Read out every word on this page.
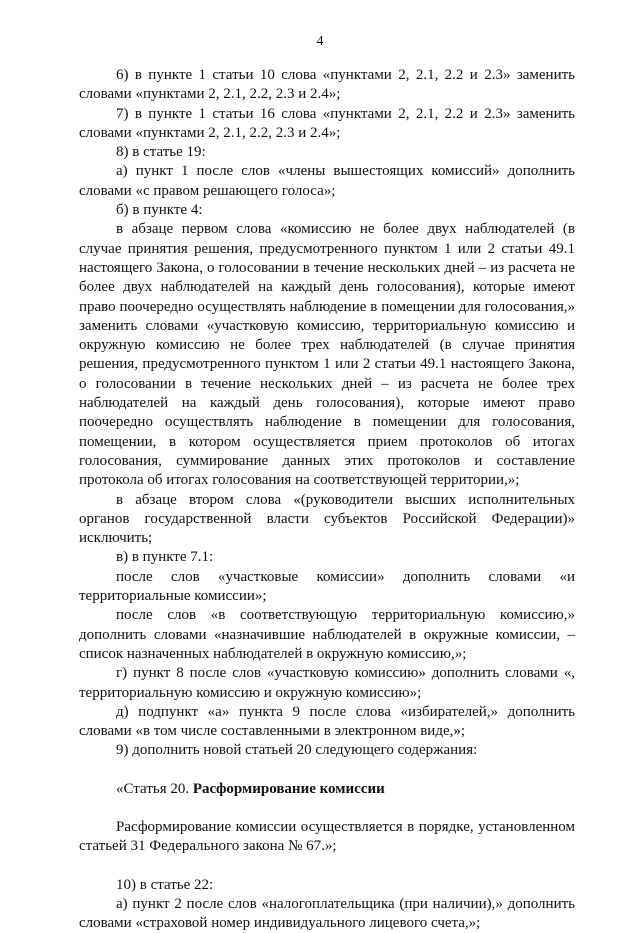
4

6) в пункте 1 статьи 10 слова «пунктами 2, 2.1, 2.2 и 2.3» заменить словами «пунктами 2, 2.1, 2.2, 2.3 и 2.4»;

7) в пункте 1 статьи 16 слова «пунктами 2, 2.1, 2.2 и 2.3» заменить словами «пунктами 2, 2.1, 2.2, 2.3 и 2.4»;

8) в статье 19:

а) пункт 1 после слов «члены вышестоящих комиссий» дополнить словами «с правом решающего голоса»;

б) в пункте 4:

в абзаце первом слова «комиссию не более двух наблюдателей (в случае принятия решения, предусмотренного пунктом 1 или 2 статьи 49.1 настоящего Закона, о голосовании в течение нескольких дней – из расчета не более двух наблюдателей на каждый день голосования), которые имеют право поочередно осуществлять наблюдение в помещении для голосования,» заменить словами «участковую комиссию, территориальную комиссию и окружную комиссию не более трех наблюдателей (в случае принятия решения, предусмотренного пунктом 1 или 2 статьи 49.1 настоящего Закона, о голосовании в течение нескольких дней – из расчета не более трех наблюдателей на каждый день голосования), которые имеют право поочередно осуществлять наблюдение в помещении для голосования, помещении, в котором осуществляется прием протоколов об итогах голосования, суммирование данных этих протоколов и составление протокола об итогах голосования на соответствующей территории,»;

в абзаце втором слова «(руководители высших исполнительных органов государственной власти субъектов Российской Федерации)» исключить;

в) в пункте 7.1:

после слов «участковые комиссии» дополнить словами «и территориальные комиссии»;

после слов «в соответствующую территориальную комиссию,» дополнить словами «назначившие наблюдателей в окружные комиссии, – список назначенных наблюдателей в окружную комиссию,»;

г) пункт 8 после слов «участковую комиссию» дополнить словами «, территориальную комиссию и окружную комиссию»;

д) подпункт «а» пункта 9 после слова «избирателей,» дополнить словами «в том числе составленными в электронном виде,»;

9) дополнить новой статьей 20 следующего содержания:

«Статья 20. Расформирование комиссии

Расформирование комиссии осуществляется в порядке, установленном статьей 31 Федерального закона № 67.»;

10) в статье 22:

а) пункт 2 после слов «налогоплательщика (при наличии),» дополнить словами «страховой номер индивидуального лицевого счета,»;
